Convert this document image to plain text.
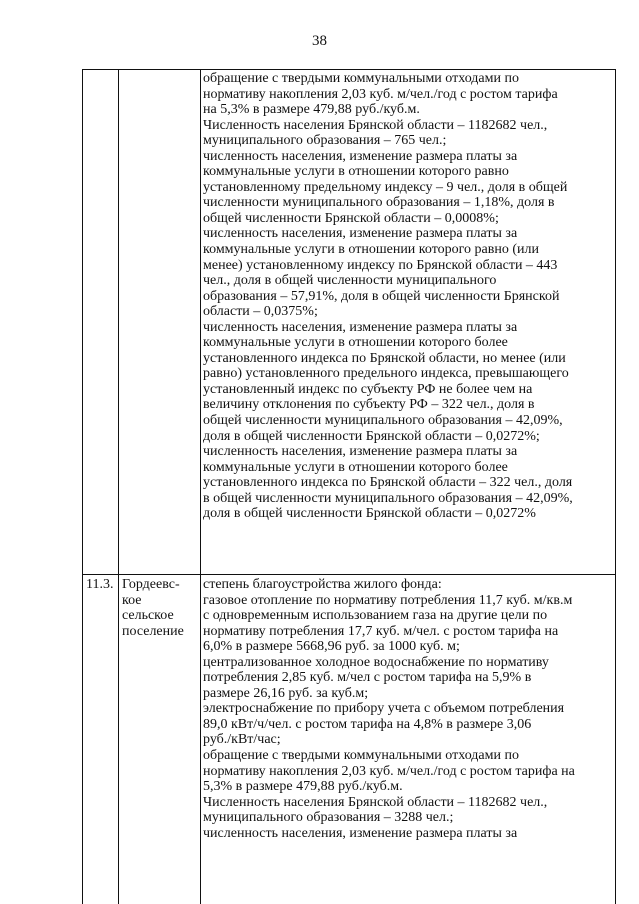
38
обращение с твердыми коммунальными отходами по
нормативу накопления 2,03 куб. м/чел./год с ростом тарифа
на 5,3% в размере 479,88 руб./куб.м.
Численность населения Брянской области – 1182682 чел.,
муниципального образования – 765 чел.;
численность населения, изменение размера платы за
коммунальные услуги в отношении которого равно
установленному предельному индексу – 9 чел., доля в общей
численности муниципального образования – 1,18%, доля в
общей численности Брянской области – 0,0008%;
численность населения, изменение размера платы за
коммунальные услуги в отношении которого равно (или
менее) установленному индексу по Брянской области – 443
чел., доля в общей численности муниципального
образования – 57,91%, доля в общей численности Брянской
области – 0,0375%;
численность населения, изменение размера платы за
коммунальные услуги в отношении которого более
установленного индекса по Брянской области, но менее (или
равно) установленного предельного индекса, превышающего
установленный индекс по субъекту РФ не более чем на
величину отклонения по субъекту РФ – 322 чел., доля в
общей численности муниципального образования – 42,09%,
доля в общей численности Брянской области – 0,0272%;
численность населения, изменение размера платы за
коммунальные услуги в отношении которого более
установленного индекса по Брянской области – 322 чел., доля
в общей численности муниципального образования – 42,09%,
доля в общей численности Брянской области – 0,0272%
11.3. Гордеевс-
кое
сельское
поселение
степень благоустройства жилого фонда:
газовое отопление по нормативу потребления 11,7 куб. м/кв.м
с одновременным использованием газа на другие цели по
нормативу потребления 17,7 куб. м/чел. с ростом тарифа на
6,0% в размере 5668,96 руб. за 1000 куб. м;
централизованное холодное водоснабжение по нормативу
потребления 2,85 куб. м/чел с ростом тарифа на 5,9% в
размере 26,16 руб. за куб.м;
электроснабжение по прибору учета с объемом потребления
89,0 кВт/ч/чел. с ростом тарифа на 4,8% в размере 3,06
руб./кВт/час;
обращение с твердыми коммунальными отходами по
нормативу накопления 2,03 куб. м/чел./год с ростом тарифа на
5,3% в размере 479,88 руб./куб.м.
Численность населения Брянской области – 1182682 чел.,
муниципального образования – 3288 чел.;
численность населения, изменение размера платы за
